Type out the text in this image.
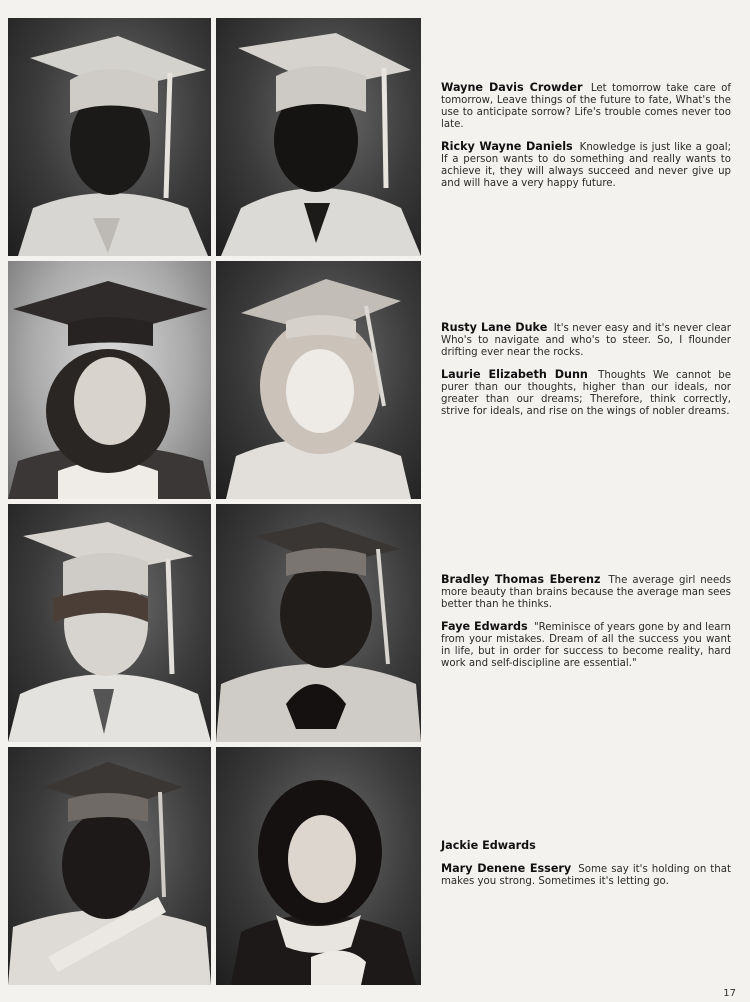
Wayne Davis Crowder Let tomorrow take care of tomorrow, Leave things of the future to fate, What's the use to anticipate sorrow? Life's trouble comes never too late.

Ricky Wayne Daniels Knowledge is just like a goal; If a person wants to do something and really wants to achieve it, they will always succeed and never give up and will have a very happy future.

Rusty Lane Duke It's never easy and it's never clear Who's to navigate and who's to steer. So, I flounder drifting ever near the rocks.

Laurie Elizabeth Dunn Thoughts We cannot be purer than our thoughts, higher than our ideals, nor greater than our dreams; Therefore, think correctly, strive for ideals, and rise on the wings of nobler dreams.

Bradley Thomas Eberenz The average girl needs more beauty than brains because the average man sees better than he thinks.

Faye Edwards "Reminisce of years gone by and learn from your mistakes. Dream of all the success you want in life, but in order for success to become reality, hard work and self-discipline are essential."

Jackie Edwards

Mary Denene Essery Some say it's holding on that makes you strong. Sometimes it's letting go.

17
